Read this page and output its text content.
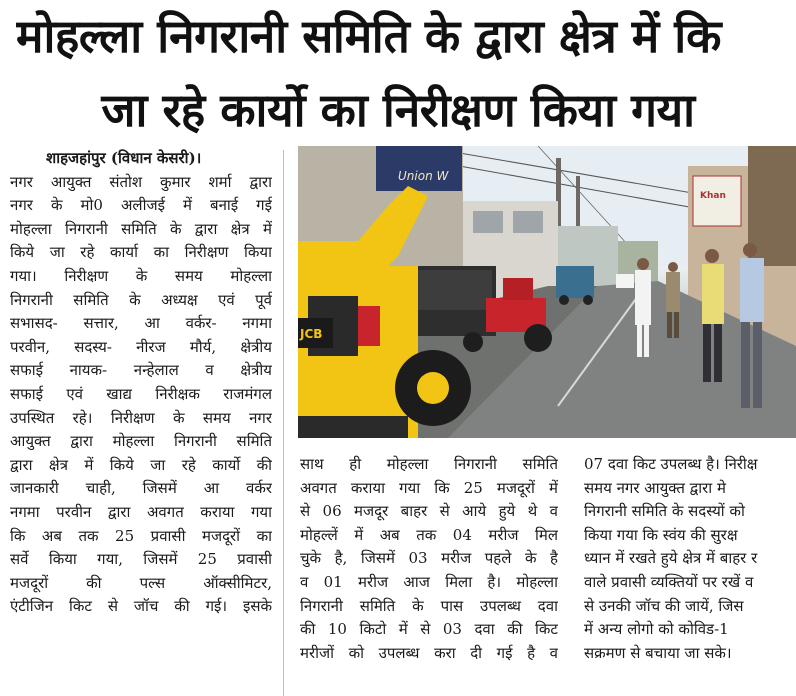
मोहल्ला निगरानी समिति के द्वारा क्षेत्र में कि
जा रहे कार्यो का निरीक्षण किया गया
शाहजहांपुर (विधान केसरी)।
नगर आयुक्त संतोश कुमार शर्मा द्वारा
नगर के मो0 अलीजई में बनाई गई
मोहल्ला निगरानी समिति के द्वारा क्षेत्र में
किये जा रहे कार्या का निरीक्षण किया
गया। निरीक्षण के समय मोहल्ला
निगरानी समिति के अध्यक्ष एवं पूर्व
सभासद- सत्तार, आ वर्कर- नगमा
परवीन, सदस्य- नीरज मौर्य, क्षेत्रीय
सफाई नायक- नन्हेलाल व क्षेत्रीय
सफाई एवं खाद्य निरीक्षक राजमंगल
उपस्थित रहे। निरीक्षण के समय नगर
आयुक्त द्वारा मोहल्ला निगरानी समिति
द्वारा क्षेत्र में किये जा रहे कार्यो की
जानकारी चाही, जिसमें आ वर्कर
नगमा परवीन द्वारा अवगत कराया गया
कि अब तक 25 प्रवासी मजदूरों का
सर्वे किया गया, जिसमें 25 प्रवासी
मजदूरों की पल्स ऑक्सीमिटर,
एंटीजिन किट से जॉच की गई। इसके
Union W
Khan
JCB
साथ ही मोहल्ला निगरानी समिति
अवगत कराया गया कि 25 मजदूरों में
से 06 मजदूर बाहर से आये हुये थे व
मोहल्लें में अब तक 04 मरीज मिल
चुके है, जिसमें 03 मरीज पहले के है
व 01 मरीज आज मिला है। मोहल्ला
निगरानी समिति के पास उपलब्ध दवा
की 10 किटो में से 03 दवा की किट
मरीजों को उपलब्ध करा दी गई है व
07 दवा किट उपलब्ध है। निरीक्ष
समय नगर आयुक्त द्वारा मे
निगरानी समिति के सदस्यों को
किया गया कि स्वंय की सुरक्ष
ध्यान में रखते हुये क्षेत्र में बाहर र
वाले प्रवासी व्यक्तियों पर रखें व
से उनकी जॉच की जायें, जिस
में अन्य लोगो को कोविड-1
सक्रमण से बचाया जा सके।
